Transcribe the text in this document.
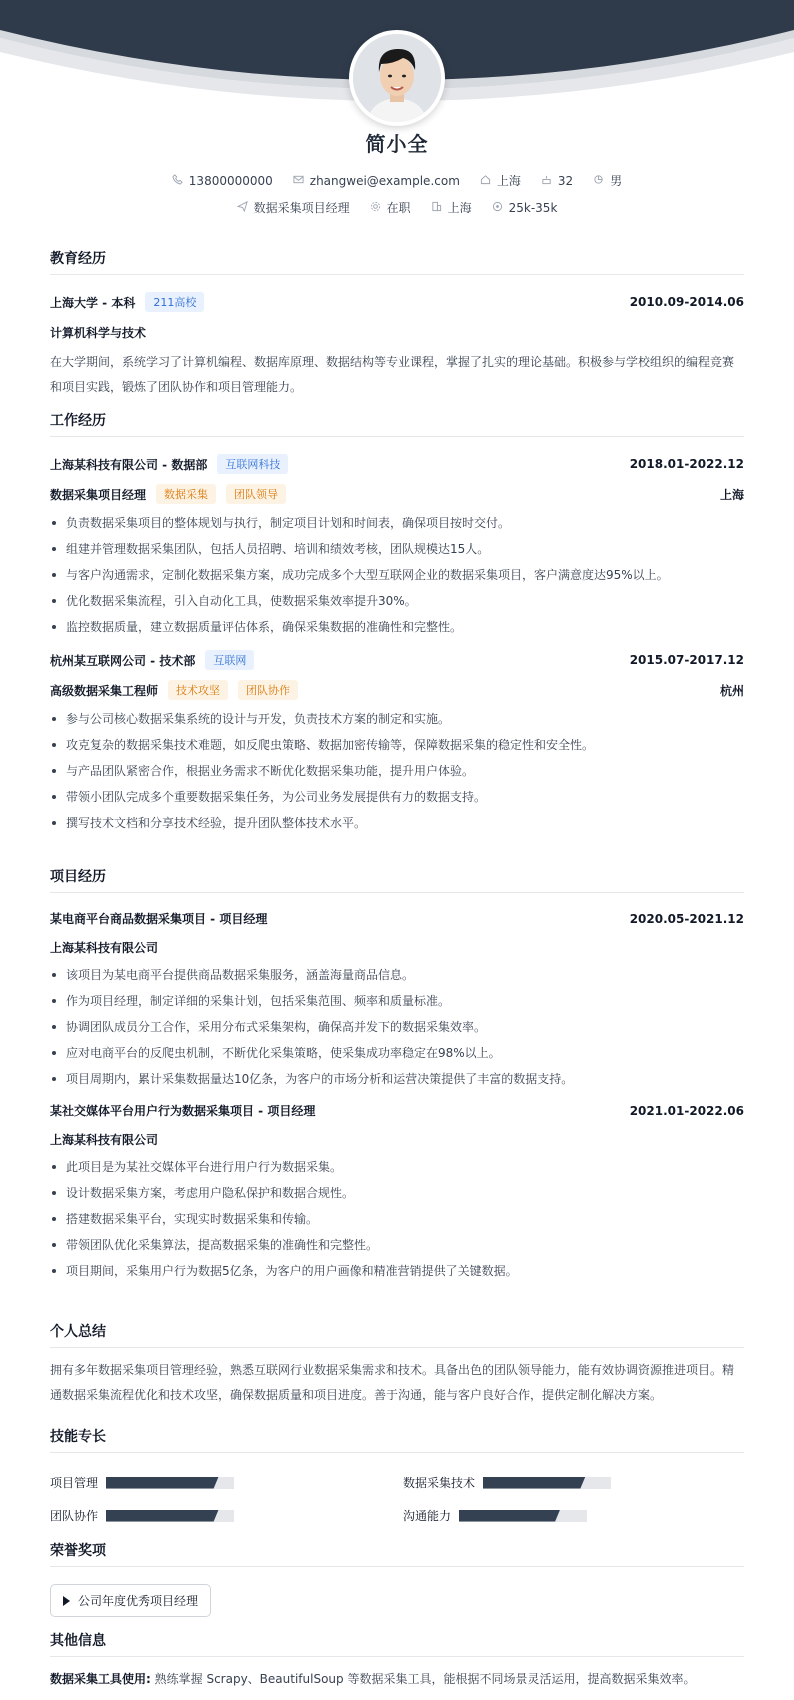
简小全
13800000000	zhangwei@example.com	上海	32	男
数据采集项目经理	在职	上海	25k-35k
教育经历
上海大学 - 本科	211高校	2010.09-2014.06
计算机科学与技术
在大学期间，系统学习了计算机编程、数据库原理、数据结构等专业课程，掌握了扎实的理论基础。积极参与学校组织的编程竞赛和项目实践，锻炼了团队协作和项目管理能力。
工作经历
上海某科技有限公司 - 数据部	互联网科技	2018.01-2022.12
数据采集项目经理	数据采集	团队领导	上海
负责数据采集项目的整体规划与执行，制定项目计划和时间表，确保项目按时交付。
组建并管理数据采集团队，包括人员招聘、培训和绩效考核，团队规模达15人。
与客户沟通需求，定制化数据采集方案，成功完成多个大型互联网企业的数据采集项目，客户满意度达95%以上。
优化数据采集流程，引入自动化工具，使数据采集效率提升30%。
监控数据质量，建立数据质量评估体系，确保采集数据的准确性和完整性。
杭州某互联网公司 - 技术部	互联网	2015.07-2017.12
高级数据采集工程师	技术攻坚	团队协作	杭州
参与公司核心数据采集系统的设计与开发，负责技术方案的制定和实施。
攻克复杂的数据采集技术难题，如反爬虫策略、数据加密传输等，保障数据采集的稳定性和安全性。
与产品团队紧密合作，根据业务需求不断优化数据采集功能，提升用户体验。
带领小团队完成多个重要数据采集任务，为公司业务发展提供有力的数据支持。
撰写技术文档和分享技术经验，提升团队整体技术水平。
项目经历
某电商平台商品数据采集项目 - 项目经理	2020.05-2021.12
上海某科技有限公司
该项目为某电商平台提供商品数据采集服务，涵盖海量商品信息。
作为项目经理，制定详细的采集计划，包括采集范围、频率和质量标准。
协调团队成员分工合作，采用分布式采集架构，确保高并发下的数据采集效率。
应对电商平台的反爬虫机制，不断优化采集策略，使采集成功率稳定在98%以上。
项目周期内，累计采集数据量达10亿条，为客户的市场分析和运营决策提供了丰富的数据支持。
某社交媒体平台用户行为数据采集项目 - 项目经理	2021.01-2022.06
上海某科技有限公司
此项目是为某社交媒体平台进行用户行为数据采集。
设计数据采集方案，考虑用户隐私保护和数据合规性。
搭建数据采集平台，实现实时数据采集和传输。
带领团队优化采集算法，提高数据采集的准确性和完整性。
项目期间，采集用户行为数据5亿条，为客户的用户画像和精准营销提供了关键数据。
个人总结
拥有多年数据采集项目管理经验，熟悉互联网行业数据采集需求和技术。具备出色的团队领导能力，能有效协调资源推进项目。精通数据采集流程优化和技术攻坚，确保数据质量和项目进度。善于沟通，能与客户良好合作，提供定制化解决方案。
技能专长
项目管理	数据采集技术
团队协作	沟通能力
荣誉奖项
公司年度优秀项目经理
其他信息
数据采集工具使用: 熟练掌握 Scrapy、BeautifulSoup 等数据采集工具，能根据不同场景灵活运用，提高数据采集效率。
